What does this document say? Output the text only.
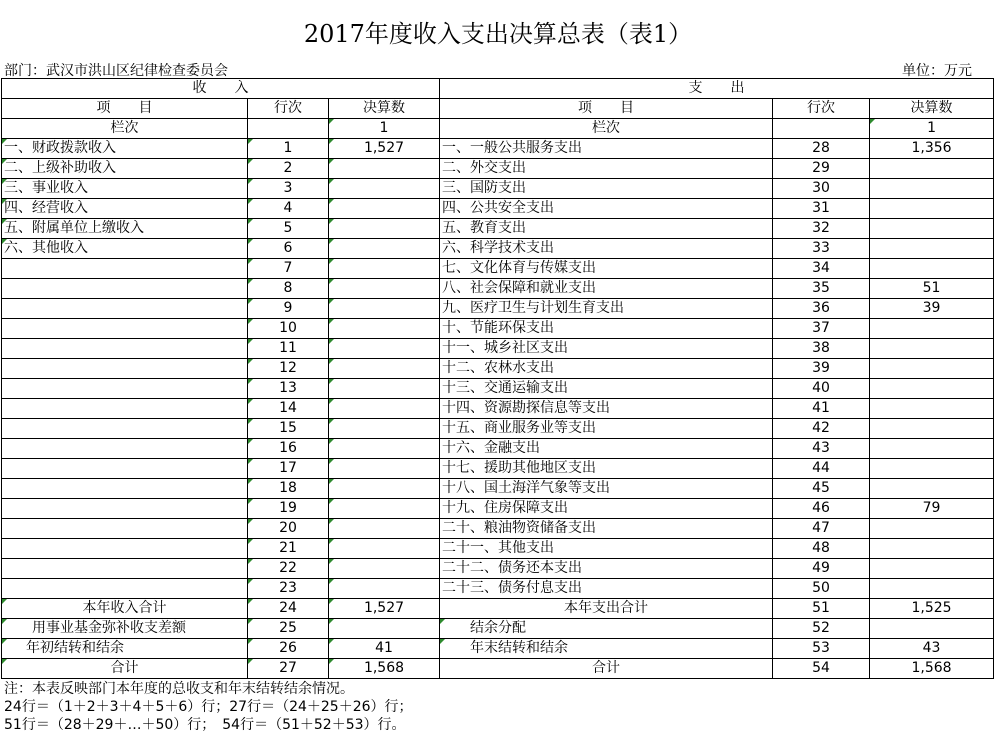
2017年度收入支出决算总表（表1）
部门：武汉市洪山区纪律检查委员会	单位：万元
收　　入			支　　出		
项　　目	行次	决算数	项　　目	行次	决算数
栏次		1	栏次		1
一、财政拨款收入	1	1,527	一、一般公共服务支出	28	1,356
二、上级补助收入	2		二、外交支出	29	
三、事业收入	3		三、国防支出	30	
四、经营收入	4		四、公共安全支出	31	
五、附属单位上缴收入	5		五、教育支出	32	
六、其他收入	6		六、科学技术支出	33	
	7		七、文化体育与传媒支出	34	
	8		八、社会保障和就业支出	35	51
	9		九、医疗卫生与计划生育支出	36	39
	10		十、节能环保支出	37	
	11		十一、城乡社区支出	38	
	12		十二、农林水支出	39	
	13		十三、交通运输支出	40	
	14		十四、资源勘探信息等支出	41	
	15		十五、商业服务业等支出	42	
	16		十六、金融支出	43	
	17		十七、援助其他地区支出	44	
	18		十八、国土海洋气象等支出	45	
	19		十九、住房保障支出	46	79
	20		二十、粮油物资储备支出	47	
	21		二十一、其他支出	48	
	22		二十二、债务还本支出	49	
	23		二十三、债务付息支出	50	
本年收入合计	24	1,527	本年支出合计	51	1,525
用事业基金弥补收支差额	25		结余分配	52	
年初结转和结余	26	41	年末结转和结余	53	43
合计	27	1,568	合计	54	1,568
注：本表反映部门本年度的总收支和年末结转结余情况。
24行＝（1＋2＋3＋4＋5＋6）行；27行＝（24＋25＋26）行；
51行＝（28＋29＋…＋50）行；　54行＝（51＋52＋53）行。
